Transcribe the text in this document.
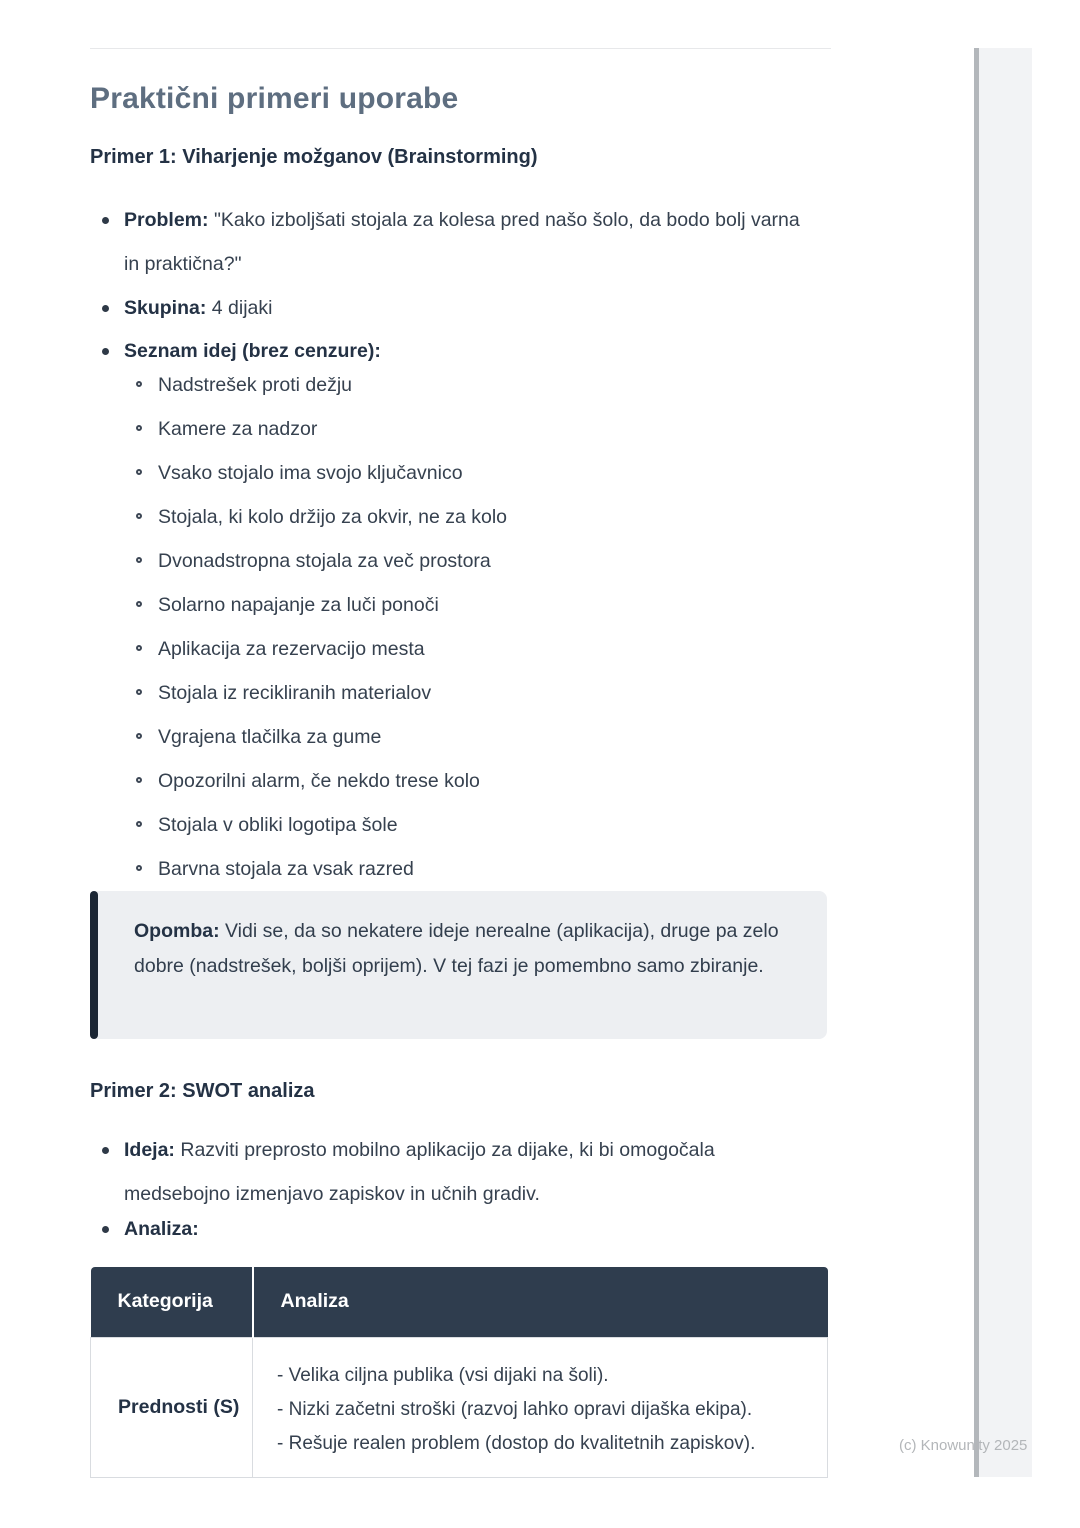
Praktični primeri uporabe
Primer 1: Viharjenje možganov (Brainstorming)
Problem: "Kako izboljšati stojala za kolesa pred našo šolo, da bodo bolj varna in praktična?"
Skupina: 4 dijaki
Seznam idej (brez cenzure):
Nadstrešek proti dežju
Kamere za nadzor
Vsako stojalo ima svojo ključavnico
Stojala, ki kolo držijo za okvir, ne za kolo
Dvonadstropna stojala za več prostora
Solarno napajanje za luči ponoči
Aplikacija za rezervacijo mesta
Stojala iz recikliranih materialov
Vgrajena tlačilka za gume
Opozorilni alarm, če nekdo trese kolo
Stojala v obliki logotipa šole
Barvna stojala za vsak razred
Opomba: Vidi se, da so nekatere ideje nerealne (aplikacija), druge pa zelo dobre (nadstrešek, boljši oprijem). V tej fazi je pomembno samo zbiranje.
Primer 2: SWOT analiza
Ideja: Razviti preprosto mobilno aplikacijo za dijake, ki bi omogočala medsebojno izmenjavo zapiskov in učnih gradiv.
Analiza:
Kategorija	Analiza
Prednosti (S)	- Velika ciljna publika (vsi dijaki na šoli).
- Nizki začetni stroški (razvoj lahko opravi dijaška ekipa).
- Rešuje realen problem (dostop do kvalitetnih zapiskov).	(c) Knowunity 2025
